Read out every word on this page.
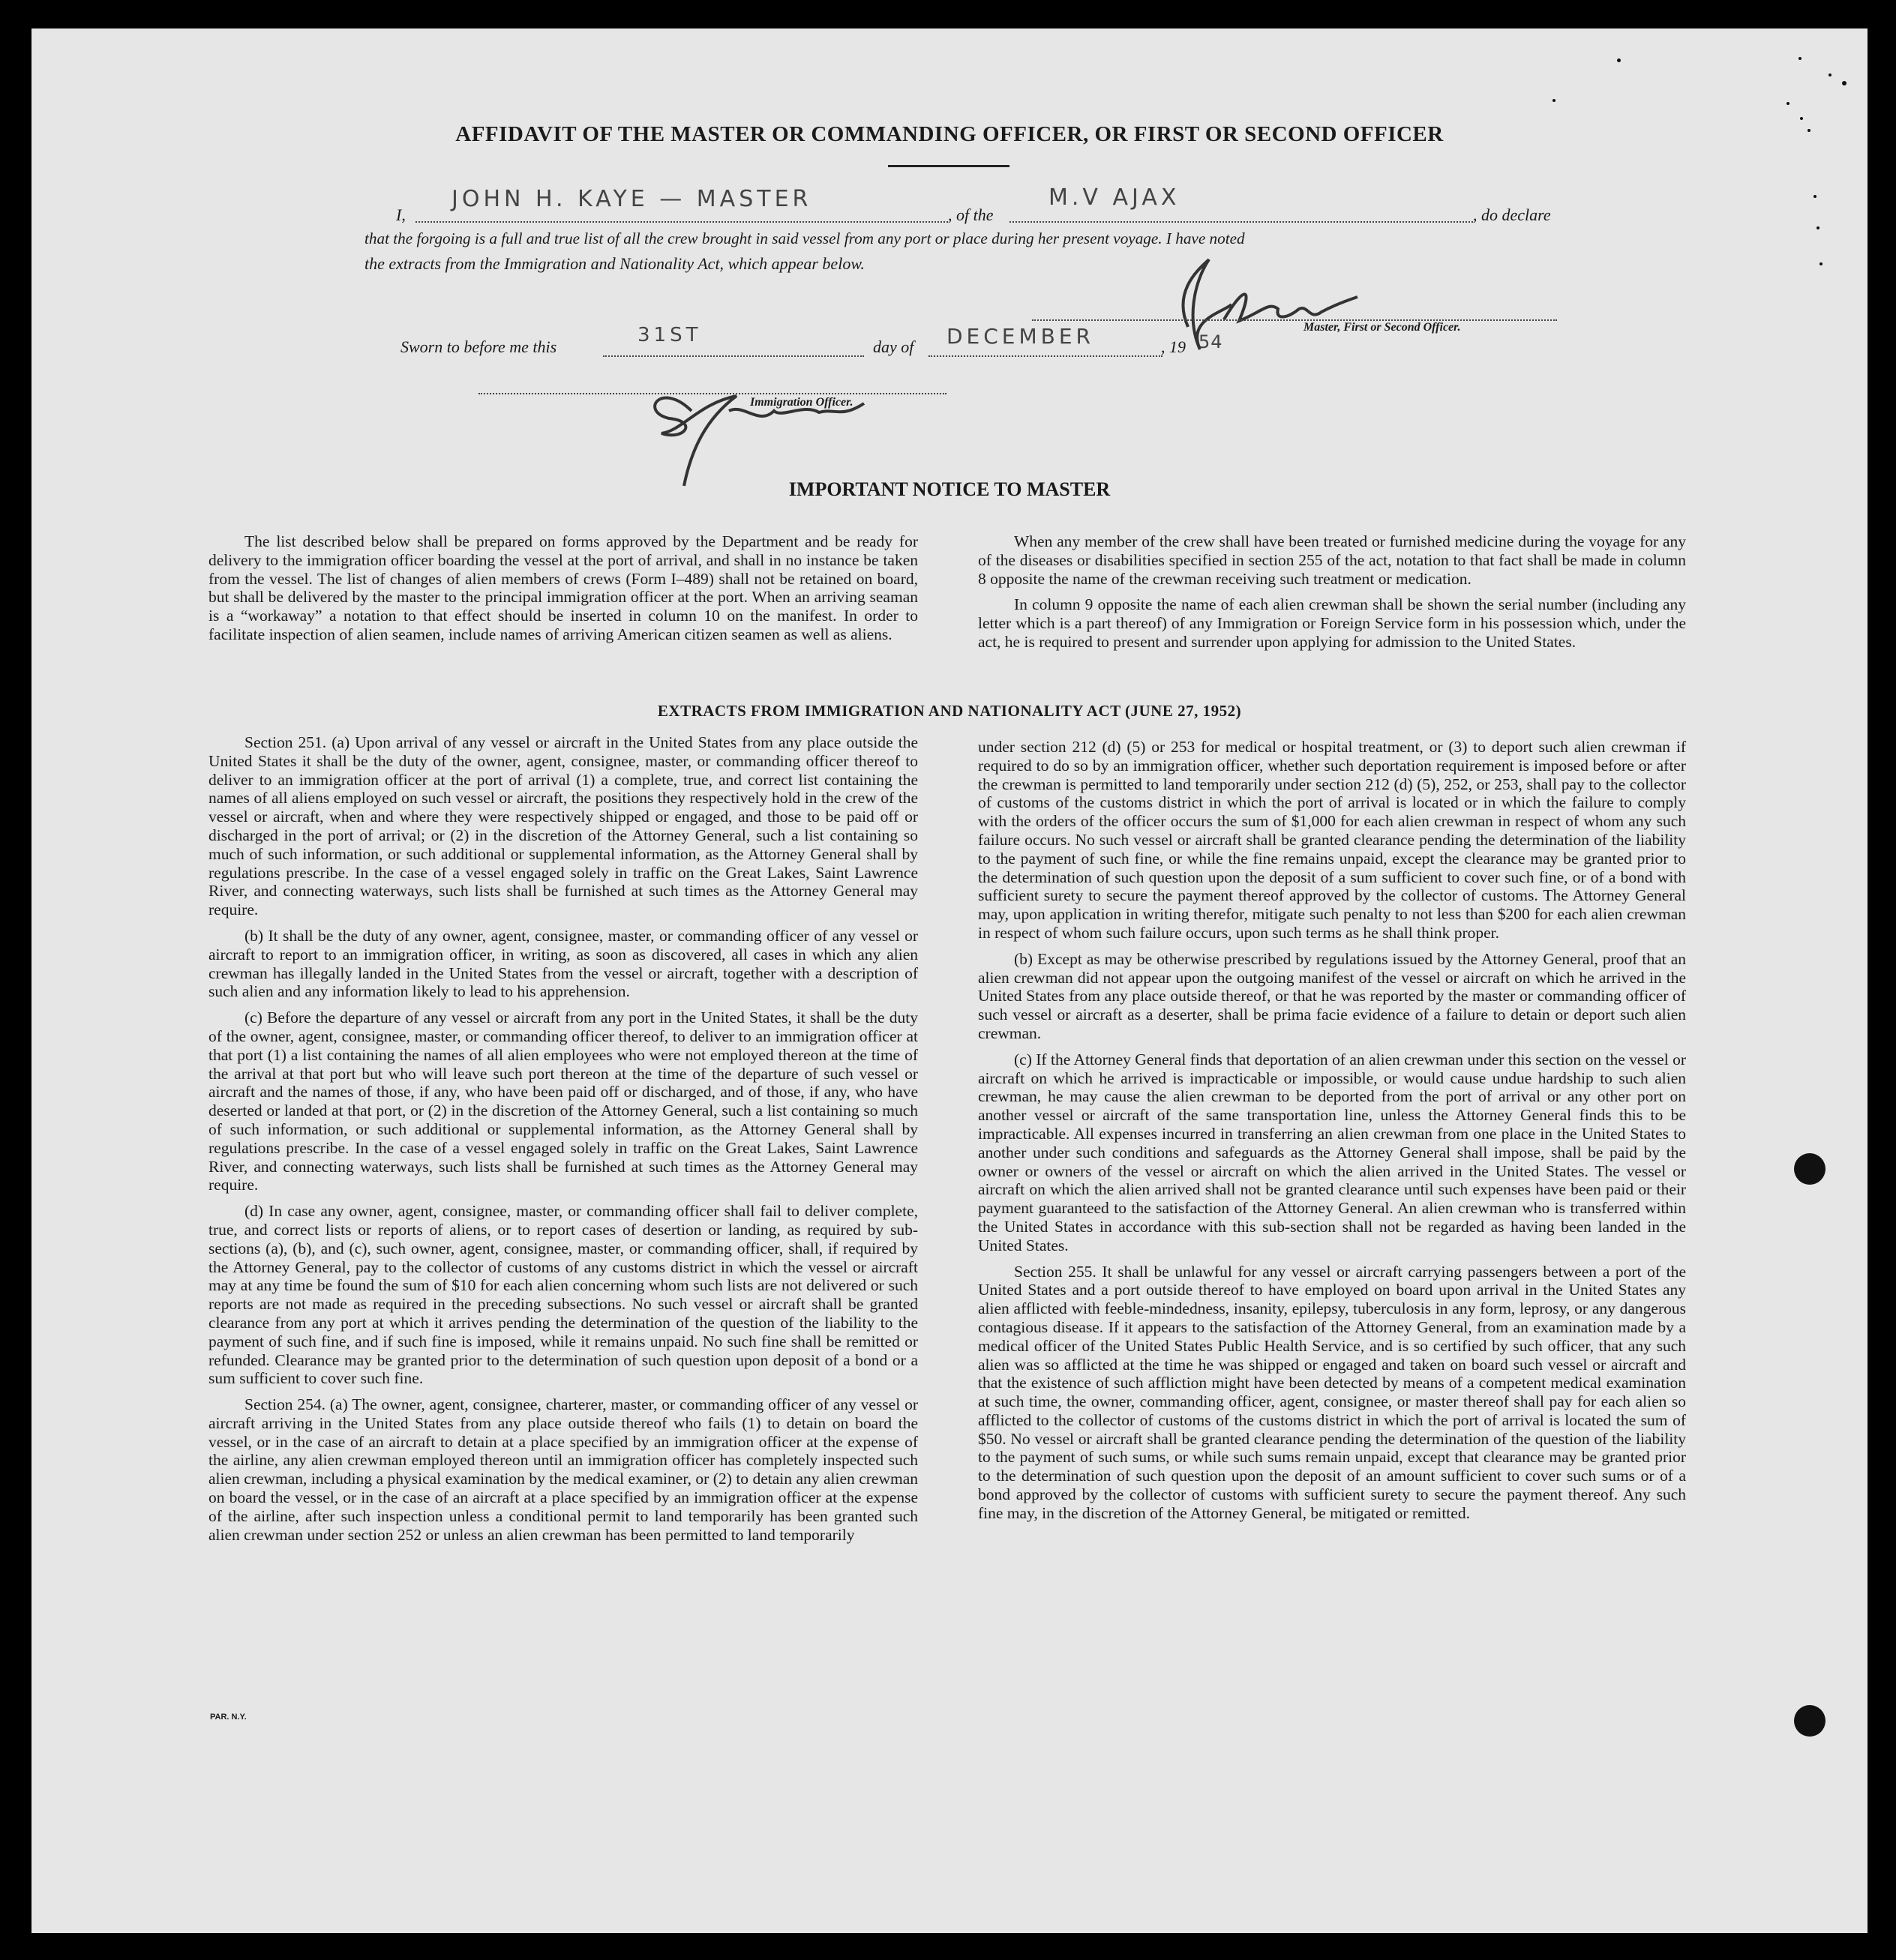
AFFIDAVIT OF THE MASTER OR COMMANDING OFFICER, OR FIRST OR SECOND OFFICER
I,
JOHN H. KAYE — MASTER
, of the
M.V AJAX
, do declare
that the forgoing is a full and true list of all the crew brought in said vessel from any port or place during her present voyage. I have noted
the extracts from the Immigration and Nationality Act, which appear below.
Master, First or Second Officer.
Sworn to before me this
31ST
day of DECEMBER	, 19 54
Immigration Officer.
IMPORTANT NOTICE TO MASTER

The list described below shall be prepared on forms approved by the Department and be ready for delivery to the immigration officer boarding the vessel at the port of arrival, and shall in no instance be taken from the vessel. The list of changes of alien members of crews (Form I–489) shall not be retained on board, but shall be delivered by the master to the principal immigration officer at the port. When an arriving seaman is a “workaway” a notation to that effect should be inserted in column 10 on the manifest. In order to facilitate inspection of alien seamen, include names of arriving American citizen seamen as well as aliens.

When any member of the crew shall have been treated or furnished medicine during the voyage for any of the diseases or disabilities specified in section 255 of the act, notation to that fact shall be made in column 8 opposite the name of the crewman receiving such treatment or medication.

In column 9 opposite the name of each alien crewman shall be shown the serial number (including any letter which is a part thereof) of any Immigration or Foreign Service form in his possession which, under the act, he is required to present and surrender upon applying for admission to the United States.

EXTRACTS FROM IMMIGRATION AND NATIONALITY ACT (JUNE 27, 1952)

Section 251. (a) Upon arrival of any vessel or aircraft in the United States from any place outside the United States it shall be the duty of the owner, agent, consignee, master, or commanding officer thereof to deliver to an immigration officer at the port of arrival (1) a complete, true, and correct list containing the names of all aliens employed on such vessel or aircraft, the positions they respectively hold in the crew of the vessel or aircraft, when and where they were respectively shipped or engaged, and those to be paid off or discharged in the port of arrival; or (2) in the discretion of the Attorney General, such a list containing so much of such information, or such additional or supplemental information, as the Attorney General shall by regulations prescribe. In the case of a vessel engaged solely in traffic on the Great Lakes, Saint Lawrence River, and connecting waterways, such lists shall be furnished at such times as the Attorney General may require.

(b) It shall be the duty of any owner, agent, consignee, master, or commanding officer of any vessel or aircraft to report to an immigration officer, in writing, as soon as discovered, all cases in which any alien crewman has illegally landed in the United States from the vessel or aircraft, together with a description of such alien and any information likely to lead to his apprehension.

(c) Before the departure of any vessel or aircraft from any port in the United States, it shall be the duty of the owner, agent, consignee, master, or commanding officer thereof, to deliver to an immigration officer at that port (1) a list containing the names of all alien employees who were not employed thereon at the time of the arrival at that port but who will leave such port thereon at the time of the departure of such vessel or aircraft and the names of those, if any, who have been paid off or discharged, and of those, if any, who have deserted or landed at that port, or (2) in the discretion of the Attorney General, such a list containing so much of such information, or such additional or supplemental information, as the Attorney General shall by regulations prescribe. In the case of a vessel engaged solely in traffic on the Great Lakes, Saint Lawrence River, and connecting waterways, such lists shall be furnished at such times as the Attorney General may require.

(d) In case any owner, agent, consignee, master, or commanding officer shall fail to deliver complete, true, and correct lists or reports of aliens, or to report cases of desertion or landing, as required by sub-sections (a), (b), and (c), such owner, agent, consignee, master, or commanding officer, shall, if required by the Attorney General, pay to the collector of customs of any customs district in which the vessel or aircraft may at any time be found the sum of $10 for each alien concerning whom such lists are not delivered or such reports are not made as required in the preceding subsections. No such vessel or aircraft shall be granted clearance from any port at which it arrives pending the determination of the question of the liability to the payment of such fine, and if such fine is imposed, while it remains unpaid. No such fine shall be remitted or refunded. Clearance may be granted prior to the determination of such question upon deposit of a bond or a sum sufficient to cover such fine.

Section 254. (a) The owner, agent, consignee, charterer, master, or commanding officer of any vessel or aircraft arriving in the United States from any place outside thereof who fails (1) to detain on board the vessel, or in the case of an aircraft to detain at a place specified by an immigration officer at the expense of the airline, any alien crewman employed thereon until an immigration officer has completely inspected such alien crewman, including a physical examination by the medical examiner, or (2) to detain any alien crewman on board the vessel, or in the case of an aircraft at a place specified by an immigration officer at the expense of the airline, after such inspection unless a conditional permit to land temporarily has been granted such alien crewman under section 252 or unless an alien crewman has been permitted to land temporarily

under section 212 (d) (5) or 253 for medical or hospital treatment, or (3) to deport such alien crewman if required to do so by an immigration officer, whether such deportation requirement is imposed before or after the crewman is permitted to land temporarily under section 212 (d) (5), 252, or 253, shall pay to the collector of customs of the customs district in which the port of arrival is located or in which the failure to comply with the orders of the officer occurs the sum of $1,000 for each alien crewman in respect of whom any such failure occurs. No such vessel or aircraft shall be granted clearance pending the determination of the liability to the payment of such fine, or while the fine remains unpaid, except the clearance may be granted prior to the determination of such question upon the deposit of a sum sufficient to cover such fine, or of a bond with sufficient surety to secure the payment thereof approved by the collector of customs. The Attorney General may, upon application in writing therefor, mitigate such penalty to not less than $200 for each alien crewman in respect of whom such failure occurs, upon such terms as he shall think proper.

(b) Except as may be otherwise prescribed by regulations issued by the Attorney General, proof that an alien crewman did not appear upon the outgoing manifest of the vessel or aircraft on which he arrived in the United States from any place outside thereof, or that he was reported by the master or commanding officer of such vessel or aircraft as a deserter, shall be prima facie evidence of a failure to detain or deport such alien crewman.

(c) If the Attorney General finds that deportation of an alien crewman under this section on the vessel or aircraft on which he arrived is impracticable or impossible, or would cause undue hardship to such alien crewman, he may cause the alien crewman to be deported from the port of arrival or any other port on another vessel or aircraft of the same transportation line, unless the Attorney General finds this to be impracticable. All expenses incurred in transferring an alien crewman from one place in the United States to another under such conditions and safeguards as the Attorney General shall impose, shall be paid by the owner or owners of the vessel or aircraft on which the alien arrived in the United States. The vessel or aircraft on which the alien arrived shall not be granted clearance until such expenses have been paid or their payment guaranteed to the satisfaction of the Attorney General. An alien crewman who is transferred within the United States in accordance with this sub-section shall not be regarded as having been landed in the United States.

Section 255. It shall be unlawful for any vessel or aircraft carrying passengers between a port of the United States and a port outside thereof to have employed on board upon arrival in the United States any alien afflicted with feeble-mindedness, insanity, epilepsy, tuberculosis in any form, leprosy, or any dangerous contagious disease. If it appears to the satisfaction of the Attorney General, from an examination made by a medical officer of the United States Public Health Service, and is so certified by such officer, that any such alien was so afflicted at the time he was shipped or engaged and taken on board such vessel or aircraft and that the existence of such affliction might have been detected by means of a competent medical examination at such time, the owner, commanding officer, agent, consignee, or master thereof shall pay for each alien so afflicted to the collector of customs of the customs district in which the port of arrival is located the sum of $50. No vessel or aircraft shall be granted clearance pending the determination of the question of the liability to the payment of such sums, or while such sums remain unpaid, except that clearance may be granted prior to the determination of such question upon the deposit of an amount sufficient to cover such sums or of a bond approved by the collector of customs with sufficient surety to secure the payment thereof. Any such fine may, in the discretion of the Attorney General, be mitigated or remitted.

PAR. N.Y.
